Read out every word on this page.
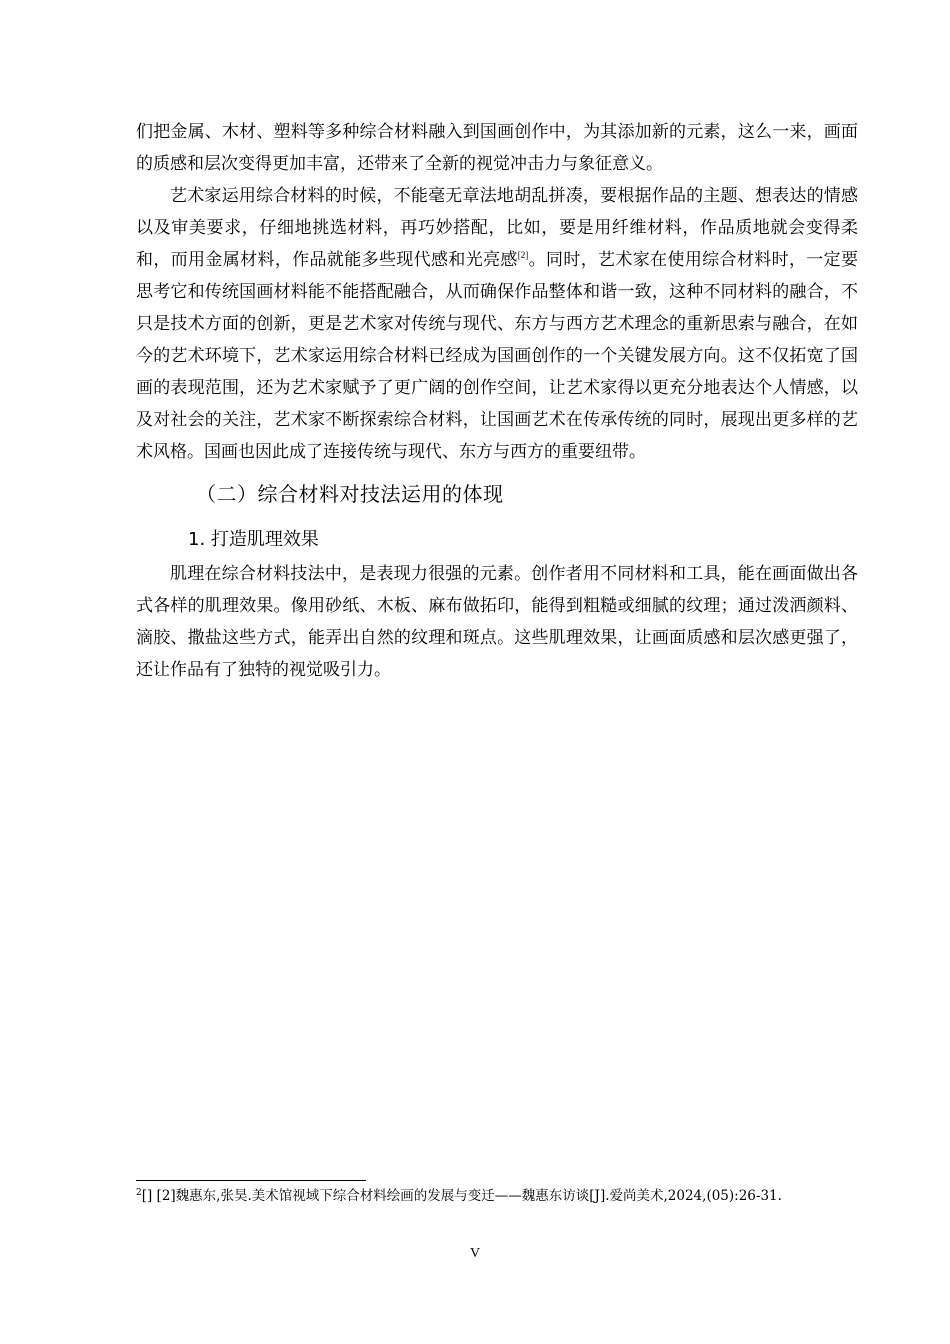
们把金属、木材、塑料等多种综合材料融入到国画创作中，为其添加新的元素，这么一来，画面的质感和层次变得更加丰富，还带来了全新的视觉冲击力与象征意义。

艺术家运用综合材料的时候，不能毫无章法地胡乱拼凑，要根据作品的主题、想表达的情感以及审美要求，仔细地挑选材料，再巧妙搭配，比如，要是用纤维材料，作品质地就会变得柔和，而用金属材料，作品就能多些现代感和光亮感[2]。同时，艺术家在使用综合材料时，一定要思考它和传统国画材料能不能搭配融合，从而确保作品整体和谐一致，这种不同材料的融合，不只是技术方面的创新，更是艺术家对传统与现代、东方与西方艺术理念的重新思索与融合，在如今的艺术环境下，艺术家运用综合材料已经成为国画创作的一个关键发展方向。这不仅拓宽了国画的表现范围，还为艺术家赋予了更广阔的创作空间，让艺术家得以更充分地表达个人情感，以及对社会的关注，艺术家不断探索综合材料，让国画艺术在传承传统的同时，展现出更多样的艺术风格。国画也因此成了连接传统与现代、东方与西方的重要纽带。

（二）综合材料对技法运用的体现
1. 打造肌理效果

肌理在综合材料技法中，是表现力很强的元素。创作者用不同材料和工具，能在画面做出各式各样的肌理效果。像用砂纸、木板、麻布做拓印，能得到粗糙或细腻的纹理；通过泼洒颜料、滴胶、撒盐这些方式，能弄出自然的纹理和斑点。这些肌理效果，让画面质感和层次感更强了，还让作品有了独特的视觉吸引力。

$^2$[] [2]魏惠东,张昊.美术馆视域下综合材料绘画的发展与变迁——魏惠东访谈[J].爱尚美术,2024,(05):26-31.
V
